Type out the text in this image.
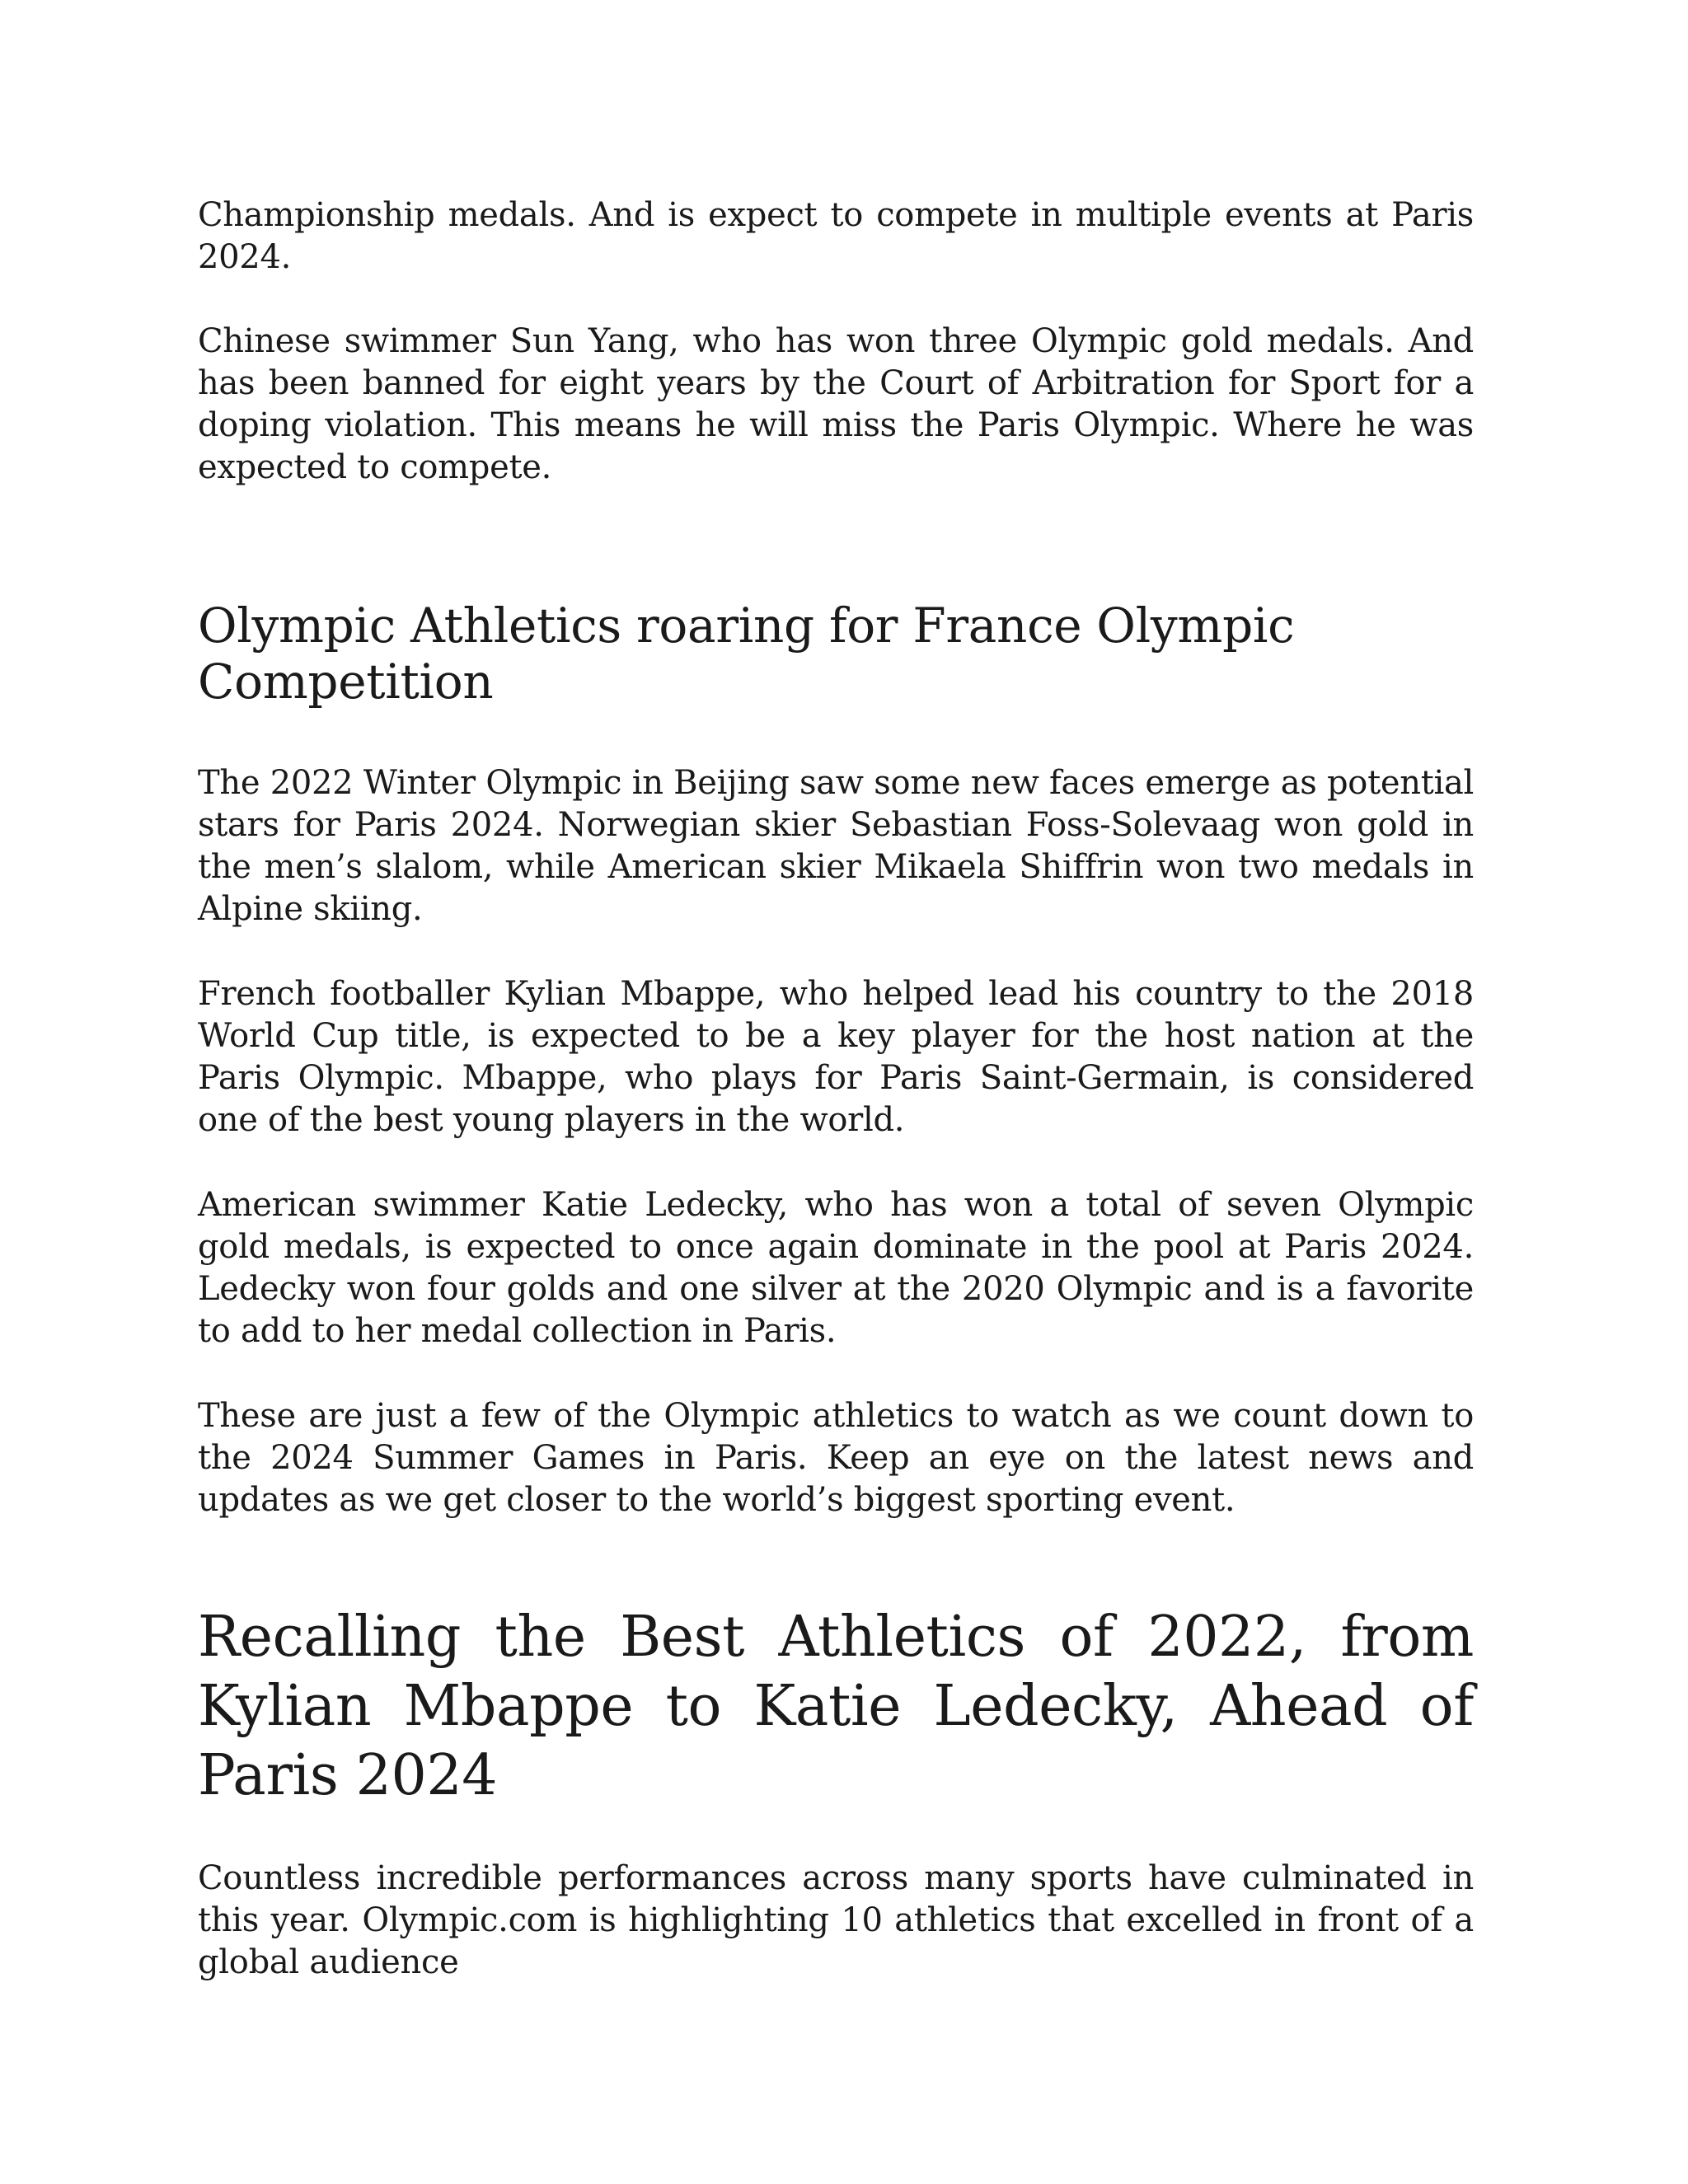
Championship medals. And is expect to compete in multiple events at Paris 2024.

Chinese swimmer Sun Yang, who has won three Olympic gold medals. And has been banned for eight years by the Court of Arbitration for Sport for a doping violation. This means he will miss the Paris Olympic. Where he was expected to compete.

Olympic Athletics roaring for France Olympic Competition

The 2022 Winter Olympic in Beijing saw some new faces emerge as potential stars for Paris 2024. Norwegian skier Sebastian Foss-Solevaag won gold in the men’s slalom, while American skier Mikaela Shiffrin won two medals in Alpine skiing.

French footballer Kylian Mbappe, who helped lead his country to the 2018 World Cup title, is expected to be a key player for the host nation at the Paris Olympic. Mbappe, who plays for Paris Saint-Germain, is considered one of the best young players in the world.

American swimmer Katie Ledecky, who has won a total of seven Olympic gold medals, is expected to once again dominate in the pool at Paris 2024. Ledecky won four golds and one silver at the 2020 Olympic and is a favorite to add to her medal collection in Paris.

These are just a few of the Olympic athletics to watch as we count down to the 2024 Summer Games in Paris. Keep an eye on the latest news and updates as we get closer to the world’s biggest sporting event.

Recalling the Best Athletics of 2022, from Kylian Mbappe to Katie Ledecky, Ahead of Paris 2024

Countless incredible performances across many sports have culminated in this year. Olympic.com is highlighting 10 athletics that excelled in front of a global audience
